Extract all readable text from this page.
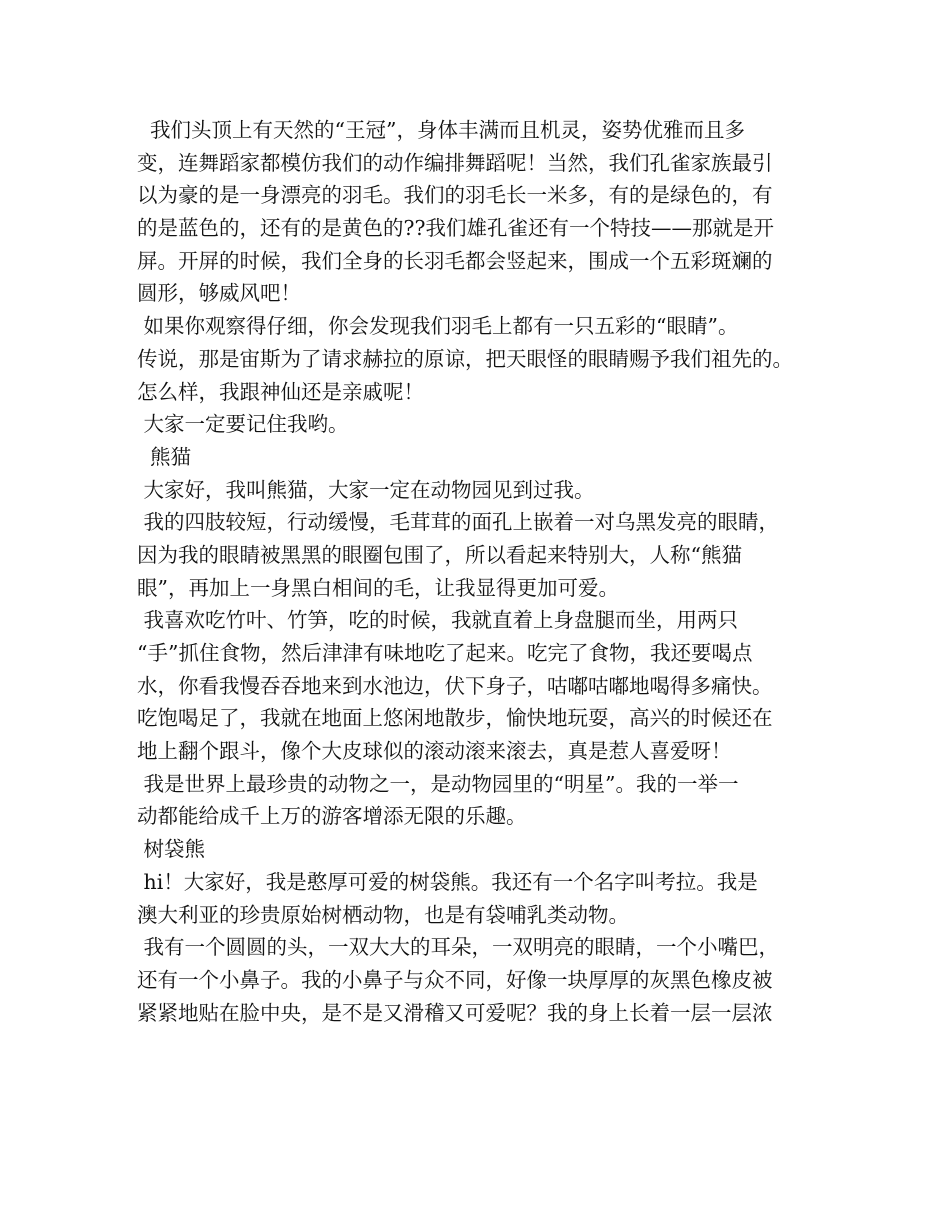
我们头顶上有天然的“王冠”，身体丰满而且机灵，姿势优雅而且多
变，连舞蹈家都模仿我们的动作编排舞蹈呢！当然，我们孔雀家族最引
以为豪的是一身漂亮的羽毛。我们的羽毛长一米多，有的是绿色的，有
的是蓝色的，还有的是黄色的??我们雄孔雀还有一个特技——那就是开
屏。开屏的时候，我们全身的长羽毛都会竖起来，围成一个五彩斑斓的
圆形，够威风吧！
如果你观察得仔细，你会发现我们羽毛上都有一只五彩的“眼睛”。
传说，那是宙斯为了请求赫拉的原谅，把天眼怪的眼睛赐予我们祖先的。
怎么样，我跟神仙还是亲戚呢！
大家一定要记住我哟。
熊猫
大家好，我叫熊猫，大家一定在动物园见到过我。
我的四肢较短，行动缓慢，毛茸茸的面孔上嵌着一对乌黑发亮的眼睛，
因为我的眼睛被黑黑的眼圈包围了，所以看起来特别大，人称“熊猫
眼”，再加上一身黑白相间的毛，让我显得更加可爱。
我喜欢吃竹叶、竹笋，吃的时候，我就直着上身盘腿而坐，用两只
“手”抓住食物，然后津津有味地吃了起来。吃完了食物，我还要喝点
水，你看我慢吞吞地来到水池边，伏下身子，咕嘟咕嘟地喝得多痛快。
吃饱喝足了，我就在地面上悠闲地散步，愉快地玩耍，高兴的时候还在
地上翻个跟斗，像个大皮球似的滚动滚来滚去，真是惹人喜爱呀！
我是世界上最珍贵的动物之一，是动物园里的“明星”。我的一举一
动都能给成千上万的游客增添无限的乐趣。
树袋熊
hi！大家好，我是憨厚可爱的树袋熊。我还有一个名字叫考拉。我是
澳大利亚的珍贵原始树栖动物，也是有袋哺乳类动物。
我有一个圆圆的头，一双大大的耳朵，一双明亮的眼睛，一个小嘴巴，
还有一个小鼻子。我的小鼻子与众不同，好像一块厚厚的灰黑色橡皮被
紧紧地贴在脸中央，是不是又滑稽又可爱呢？我的身上长着一层一层浓
